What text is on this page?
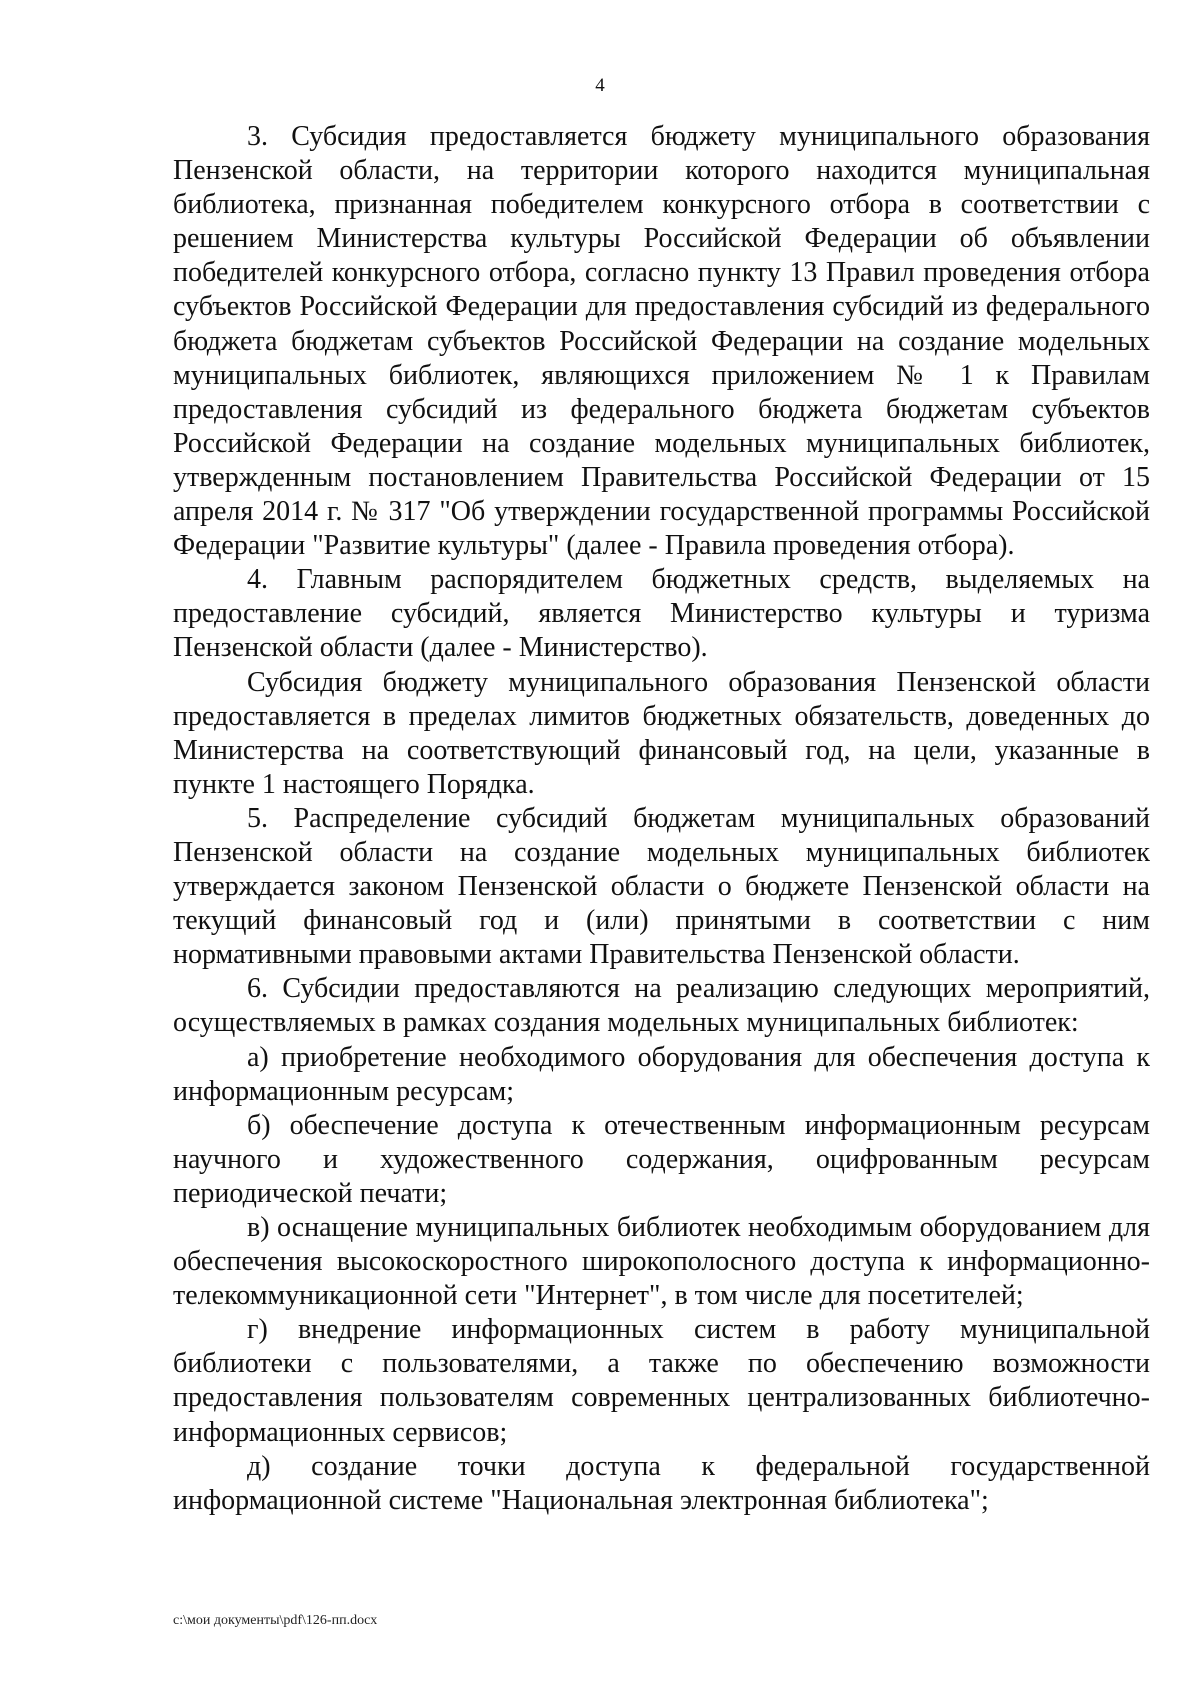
4

3. Субсидия предоставляется бюджету муниципального образования Пензенской области, на территории которого находится муниципальная библиотека, признанная победителем конкурсного отбора в соответствии с решением Министерства культуры Российской Федерации об объявлении победителей конкурсного отбора, согласно пункту 13 Правил проведения отбора субъектов Российской Федерации для предоставления субсидий из федерального бюджета бюджетам субъектов Российской Федерации на создание модельных муниципальных библиотек, являющихся приложением № 1 к Правилам предоставления субсидий из федерального бюджета бюджетам субъектов Российской Федерации на создание модельных муниципальных библиотек, утвержденным постановлением Правительства Российской Федерации от 15 апреля 2014 г. № 317 "Об утверждении государственной программы Российской Федерации "Развитие культуры" (далее - Правила проведения отбора).

4. Главным распорядителем бюджетных средств, выделяемых на предоставление субсидий, является Министерство культуры и туризма Пензенской области (далее - Министерство).

Субсидия бюджету муниципального образования Пензенской области предоставляется в пределах лимитов бюджетных обязательств, доведенных до Министерства на соответствующий финансовый год, на цели, указанные в пункте 1 настоящего Порядка.

5. Распределение субсидий бюджетам муниципальных образований Пензенской области на создание модельных муниципальных библиотек утверждается законом Пензенской области о бюджете Пензенской области на текущий финансовый год и (или) принятыми в соответствии с ним нормативными правовыми актами Правительства Пензенской области.

6. Субсидии предоставляются на реализацию следующих мероприятий, осуществляемых в рамках создания модельных муниципальных библиотек:

а) приобретение необходимого оборудования для обеспечения доступа к информационным ресурсам;

б) обеспечение доступа к отечественным информационным ресурсам научного и художественного содержания, оцифрованным ресурсам периодической печати;

в) оснащение муниципальных библиотек необходимым оборудованием для обеспечения высокоскоростного широкополосного доступа к информационно-телекоммуникационной сети "Интернет", в том числе для посетителей;

г) внедрение информационных систем в работу муниципальной библиотеки с пользователями, а также по обеспечению возможности предоставления пользователям современных централизованных библиотечно-информационных сервисов;

д) создание точки доступа к федеральной государственной информационной системе "Национальная электронная библиотека";

c:\мои документы\pdf\126-пп.docx
